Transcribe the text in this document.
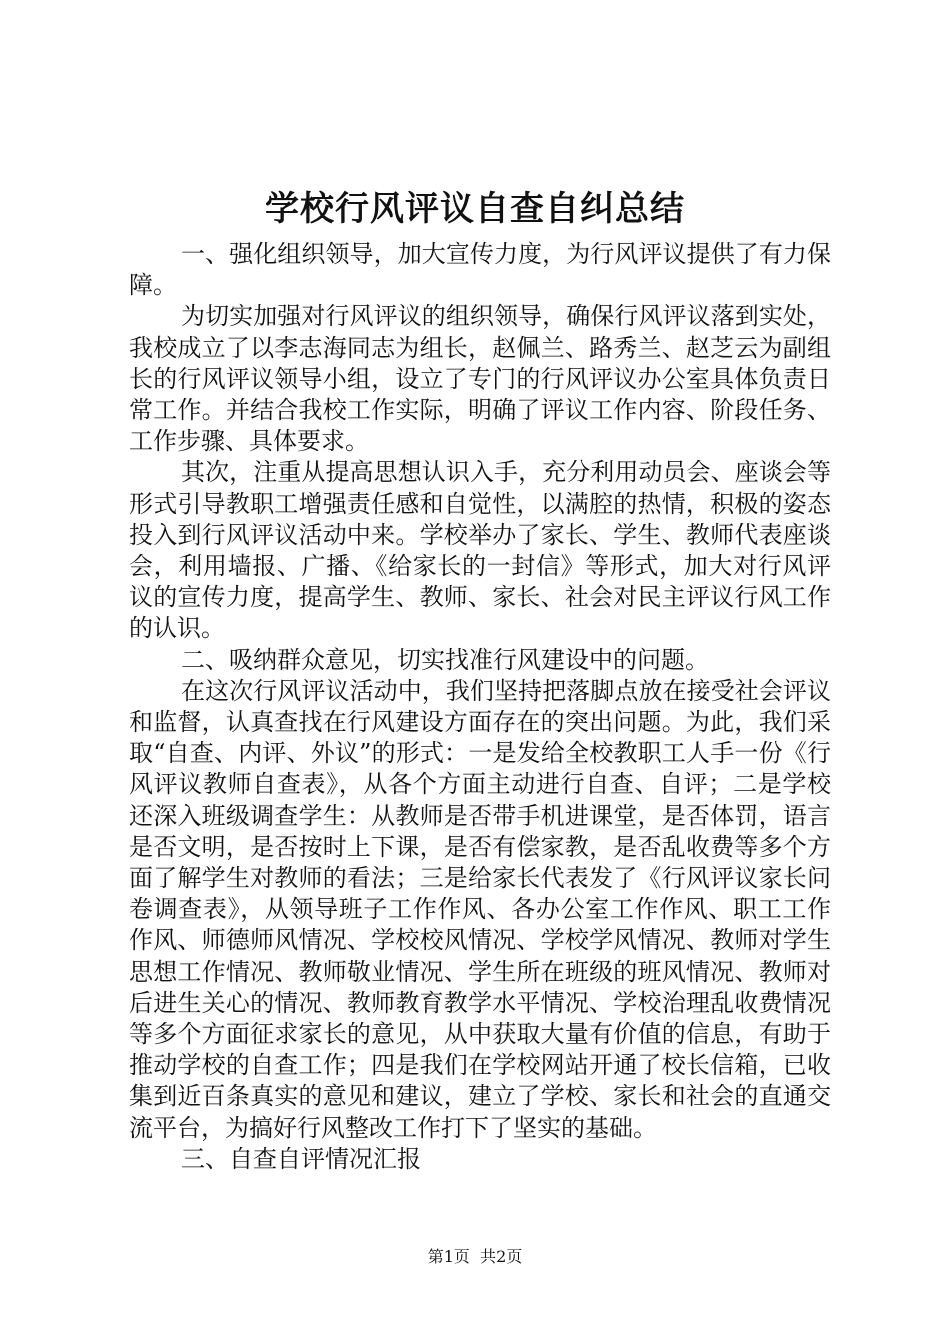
学校行风评议自查自纠总结

一、强化组织领导，加大宣传力度，为行风评议提供了有力保障。

为切实加强对行风评议的组织领导，确保行风评议落到实处，我校成立了以李志海同志为组长，赵佩兰、路秀兰、赵芝云为副组长的行风评议领导小组，设立了专门的行风评议办公室具体负责日常工作。并结合我校工作实际，明确了评议工作内容、阶段任务、工作步骤、具体要求。

其次，注重从提高思想认识入手，充分利用动员会、座谈会等形式引导教职工增强责任感和自觉性，以满腔的热情，积极的姿态投入到行风评议活动中来。学校举办了家长、学生、教师代表座谈会，利用墙报、广播、《给家长的一封信》等形式，加大对行风评议的宣传力度，提高学生、教师、家长、社会对民主评议行风工作的认识。

二、吸纳群众意见，切实找准行风建设中的问题。

在这次行风评议活动中，我们坚持把落脚点放在接受社会评议和监督，认真查找在行风建设方面存在的突出问题。为此，我们采取“自查、内评、外议”的形式：一是发给全校教职工人手一份《行风评议教师自查表》，从各个方面主动进行自查、自评；二是学校还深入班级调查学生：从教师是否带手机进课堂，是否体罚，语言是否文明，是否按时上下课，是否有偿家教，是否乱收费等多个方面了解学生对教师的看法；三是给家长代表发了《行风评议家长问卷调查表》，从领导班子工作作风、各办公室工作作风、职工工作作风、师德师风情况、学校校风情况、学校学风情况、教师对学生思想工作情况、教师敬业情况、学生所在班级的班风情况、教师对后进生关心的情况、教师教育教学水平情况、学校治理乱收费情况等多个方面征求家长的意见，从中获取大量有价值的信息，有助于推动学校的自查工作；四是我们在学校网站开通了校长信箱，已收集到近百条真实的意见和建议，建立了学校、家长和社会的直通交流平台，为搞好行风整改工作打下了坚实的基础。

三、自查自评情况汇报

第1页  共2页
